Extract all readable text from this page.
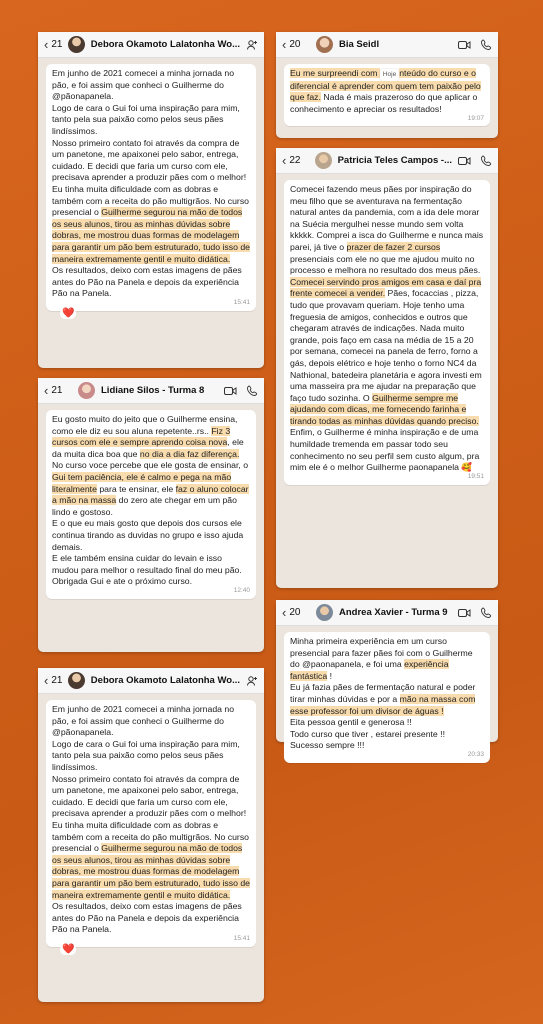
‹ 21	Debora Okamoto Lalatonha Wo...
Em junho de 2021 comecei a minha jornada no pão, e foi assim que conheci o Guilherme do @pãonapanela.
Logo de cara o Gui foi uma inspiração para mim, tanto pela sua paixão como pelos seus pães lindíssimos.
Nosso primeiro contato foi através da compra de um panetone, me apaixonei pelo sabor, entrega, cuidado. E decidi que faria um curso com ele, precisava aprender a produzir pães com o melhor!
Eu tinha muita dificuldade com as dobras e também com a receita do pão multigrãos. No curso presencial o Guilherme segurou na mão de todos os seus alunos, tirou as minhas dúvidas sobre dobras, me mostrou duas formas de modelagem para garantir um pão bem estruturado, tudo isso de maneira extremamente gentil e muito didática.
Os resultados, deixo com estas imagens de pães antes do Pão na Panela e depois da experiência Pão na Panela.
15:41
❤️
‹ 21	Lidiane Silos - Turma 8
Eu gosto muito do jeito que o Guilherme ensina, como ele diz eu sou aluna repetente..rs.. Fiz 3 cursos com ele e sempre aprendo coisa nova, ele da muita dica boa que no dia a dia faz diferença.
No curso voce percebe que ele gosta de ensinar, o Gui tem paciência, ele é calmo e pega na mão literalmente para te ensinar, ele faz o aluno colocar a mão na massa do zero ate chegar em um pão lindo e gostoso.
E o que eu mais gosto que depois dos cursos ele continua tirando as duvidas no grupo e isso ajuda demais.
E ele também ensina cuidar do levain e isso mudou para melhor o resultado final do meu pão. Obrigada Gui e ate o próximo curso.
12:40
‹ 21	Debora Okamoto Lalatonha Wo...
Em junho de 2021 comecei a minha jornada no pão, e foi assim que conheci o Guilherme do @pãonapanela.
Logo de cara o Gui foi uma inspiração para mim, tanto pela sua paixão como pelos seus pães lindíssimos.
Nosso primeiro contato foi através da compra de um panetone, me apaixonei pelo sabor, entrega, cuidado. E decidi que faria um curso com ele, precisava aprender a produzir pães com o melhor!
Eu tinha muita dificuldade com as dobras e também com a receita do pão multigrãos. No curso presencial o Guilherme segurou na mão de todos os seus alunos, tirou as minhas dúvidas sobre dobras, me mostrou duas formas de modelagem para garantir um pão bem estruturado, tudo isso de maneira extremamente gentil e muito didática.
Os resultados, deixo com estas imagens de pães antes do Pão na Panela e depois da experiência Pão na Panela.
15:41
❤️
‹ 20	Bia Seidl
Eu me surpreendi com Hoje nteúdo do curso e o diferencial é aprender com quem tem paixão pelo que faz. Nada é mais prazeroso do que aplicar o conhecimento e apreciar os resultados!
19:07
‹ 22	Patricia Teles Campos -...
Comecei fazendo meus pães por inspiração do meu filho que se aventurava na fermentação natural antes da pandemia, com a ida dele morar na Suécia mergulhei nesse mundo sem volta kkkkk. Comprei a isca do Guilherme e nunca mais parei, já tive o prazer de fazer 2 cursos presenciais com ele no que me ajudou muito no processo e melhora no resultado dos meus pães. Comecei servindo pros amigos em casa e daí pra frente comecei a vender. Pães, focaccias , pizza, tudo que provavam queriam. Hoje tenho uma freguesia de amigos, conhecidos e outros que chegaram através de indicações. Nada muito grande, pois faço em casa na média de 15 a 20 por semana, comecei na panela de ferro, forno a gás, depois elétrico e hoje tenho o forno NC4 da Nathional, batedeira planetária e agora investi em uma masseira pra me ajudar na preparação que faço tudo sozinha. O Guilherme sempre me ajudando com dicas, me fornecendo farinha e tirando todas as minhas dúvidas quando preciso. Enfim, o Guilherme é minha inspiração e de uma humildade tremenda em passar todo seu conhecimento no seu perfil sem custo algum, pra mim ele é o melhor Guilherme paonapanela 🥰
19:51
‹ 20	Andrea Xavier - Turma 9
Minha primeira experiência em um curso presencial para fazer pães foi com o Guilherme do @paonapanela, e foi uma experiência fantástica !
Eu já fazia pães de fermentação natural e poder tirar minhas dúvidas e por a mão na massa com esse professor foi um divisor de águas !
Eita pessoa gentil e generosa !!
Todo curso que tiver , estarei presente !!
Sucesso sempre !!!
20:33
